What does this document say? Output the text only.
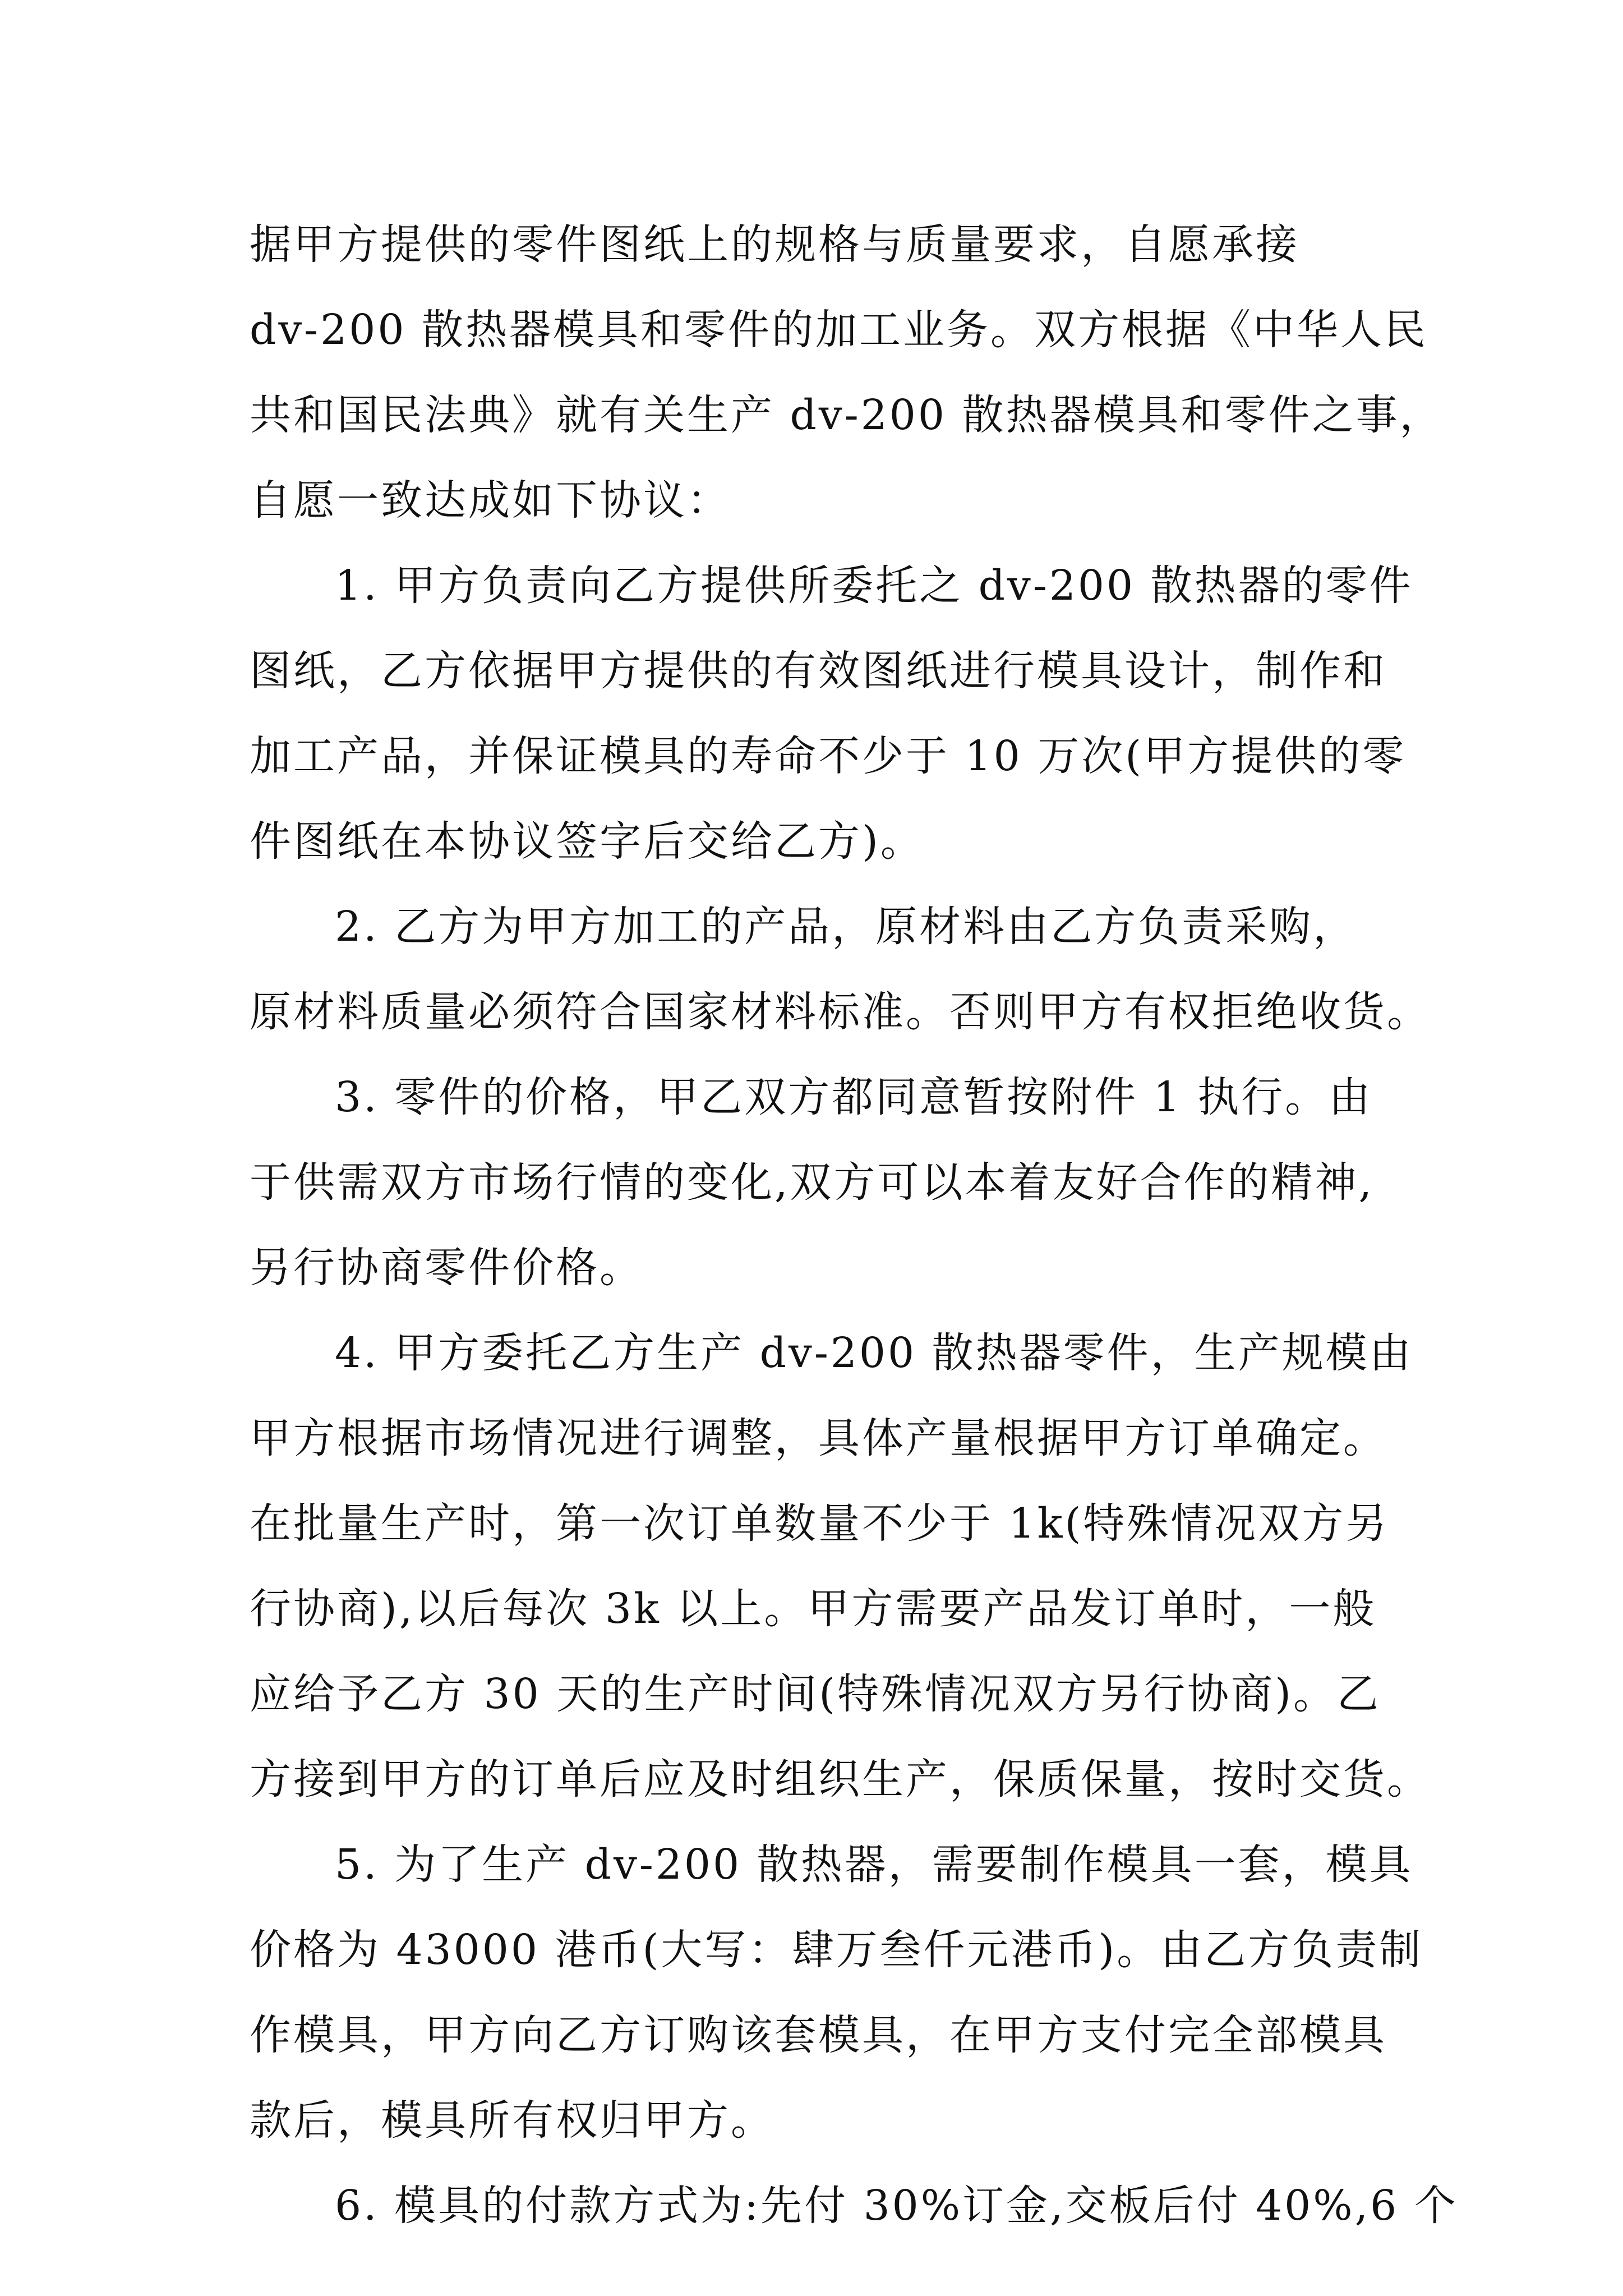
据甲方提供的零件图纸上的规格与质量要求，自愿承接
dv-200 散热器模具和零件的加工业务。双方根据《中华人民
共和国民法典》就有关生产 dv-200 散热器模具和零件之事，
自愿一致达成如下协议：
1. 甲方负责向乙方提供所委托之 dv-200 散热器的零件
图纸，乙方依据甲方提供的有效图纸进行模具设计，制作和
加工产品，并保证模具的寿命不少于 10 万次(甲方提供的零
件图纸在本协议签字后交给乙方)。
2. 乙方为甲方加工的产品，原材料由乙方负责采购，
原材料质量必须符合国家材料标准。否则甲方有权拒绝收货。
3. 零件的价格，甲乙双方都同意暂按附件 1 执行。由
于供需双方市场行情的变化,双方可以本着友好合作的精神,
另行协商零件价格。
4. 甲方委托乙方生产 dv-200 散热器零件，生产规模由
甲方根据市场情况进行调整，具体产量根据甲方订单确定。
在批量生产时，第一次订单数量不少于 1k(特殊情况双方另
行协商),以后每次 3k 以上。甲方需要产品发订单时，一般
应给予乙方 30 天的生产时间(特殊情况双方另行协商)。乙
方接到甲方的订单后应及时组织生产，保质保量，按时交货。
5. 为了生产 dv-200 散热器，需要制作模具一套，模具
价格为 43000 港币(大写：肆万叁仟元港币)。由乙方负责制
作模具，甲方向乙方订购该套模具，在甲方支付完全部模具
款后，模具所有权归甲方。
6. 模具的付款方式为:先付 30%订金,交板后付 40%,6 个
